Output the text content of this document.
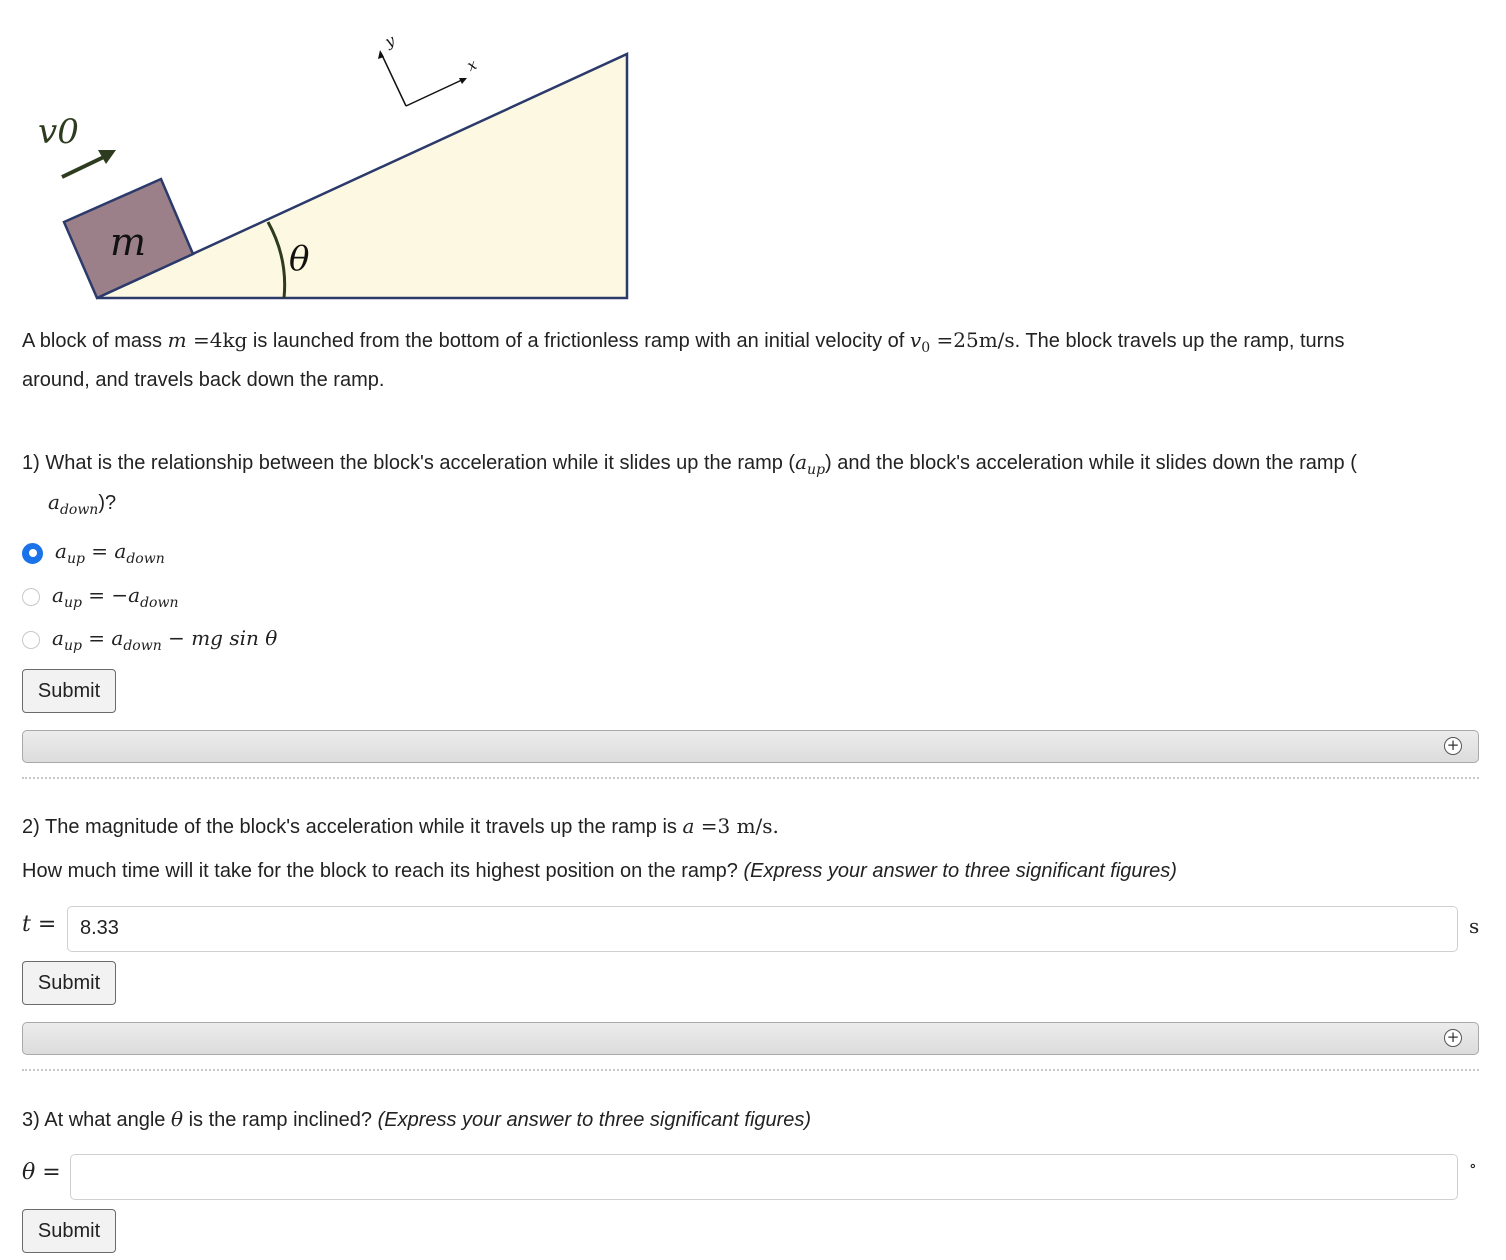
θ
m
v0
y
x
A block of mass m =4kg is launched from the bottom of a frictionless ramp with an initial velocity of $v_0 =25m/s$. The block travels up the ramp, turns
around, and travels back down the ramp.
1) What is the relationship between the block's acceleration while it slides up the ramp $(a_{up})$ and the block's acceleration while it slides down the ramp (
$a_{down}$)?
$a_{up} = a_{down}$
$a_{up} = -a_{down}$
$a_{up} = a_{down}$ − mg sin θ
Submit
+
2) The magnitude of the block's acceleration while it travels up the ramp is a =3 m/s.
How much time will it take for the block to reach its highest position on the ramp? (Express your answer to three significant figures)
t =	8.33	s
Submit
+
3) At what angle θ is the ramp inclined? (Express your answer to three significant figures)
θ =	∘
Submit
